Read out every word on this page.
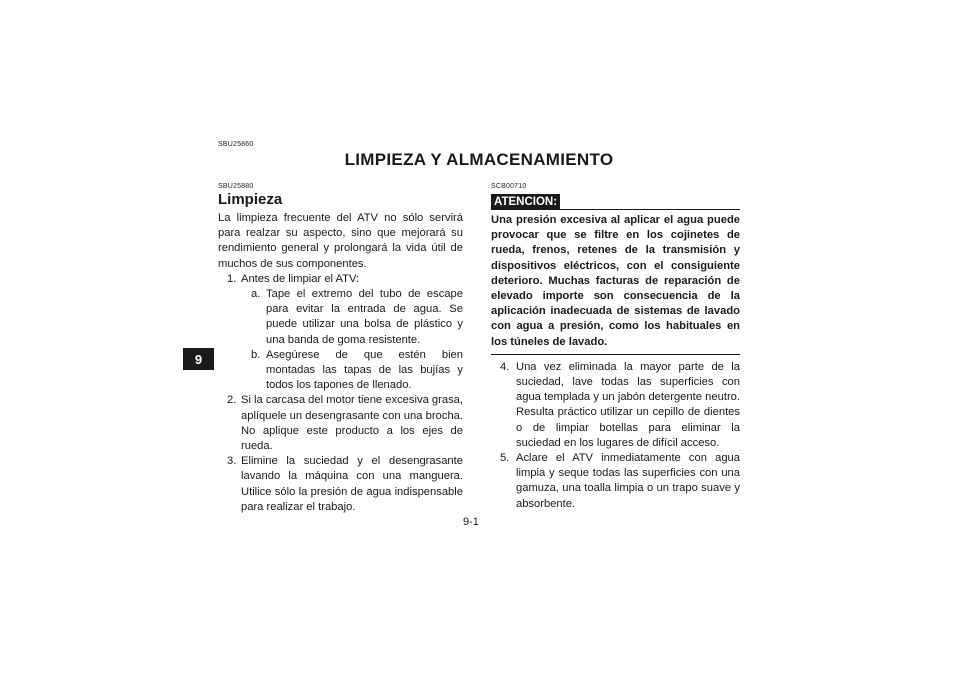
9
SBU25860
LIMPIEZA Y ALMACENAMIENTO
SBU25880
Limpieza

La limpieza frecuente del ATV no sólo servirá para realzar su aspecto, sino que mejorará su rendimiento general y prolongará la vida útil de muchos de sus componentes.

1. Antes de limpiar el ATV:
a. Tape el extremo del tubo de escape para evitar la entrada de agua. Se puede utilizar una bolsa de plástico y una banda de goma resistente.
b. Asegúrese de que estén bien montadas las tapas de las bujías y todos los tapones de llenado.
2. Si la carcasa del motor tiene excesiva grasa, aplíquele un desengrasante con una brocha. No aplique este producto a los ejes de rueda.
3. Elimine la suciedad y el desengrasante lavando la máquina con una manguera. Utilice sólo la presión de agua indispensable para realizar el trabajo.
SCB00710
ATENCION:
Una presión excesiva al aplicar el agua puede provocar que se filtre en los cojinetes de rueda, frenos, retenes de la transmisión y dispositivos eléctricos, con el consiguiente deterioro. Muchas facturas de reparación de elevado importe son consecuencia de la aplicación inadecuada de sistemas de lavado con agua a presión, como los habituales en los túneles de lavado.
4. Una vez eliminada la mayor parte de la suciedad, lave todas las superficies con agua templada y un jabón detergente neutro. Resulta práctico utilizar un cepillo de dientes o de limpiar botellas para eliminar la suciedad en los lugares de difícil acceso.
5. Aclare el ATV inmediatamente con agua limpia y seque todas las superficies con una gamuza, una toalla limpia o un trapo suave y absorbente.
9-1
